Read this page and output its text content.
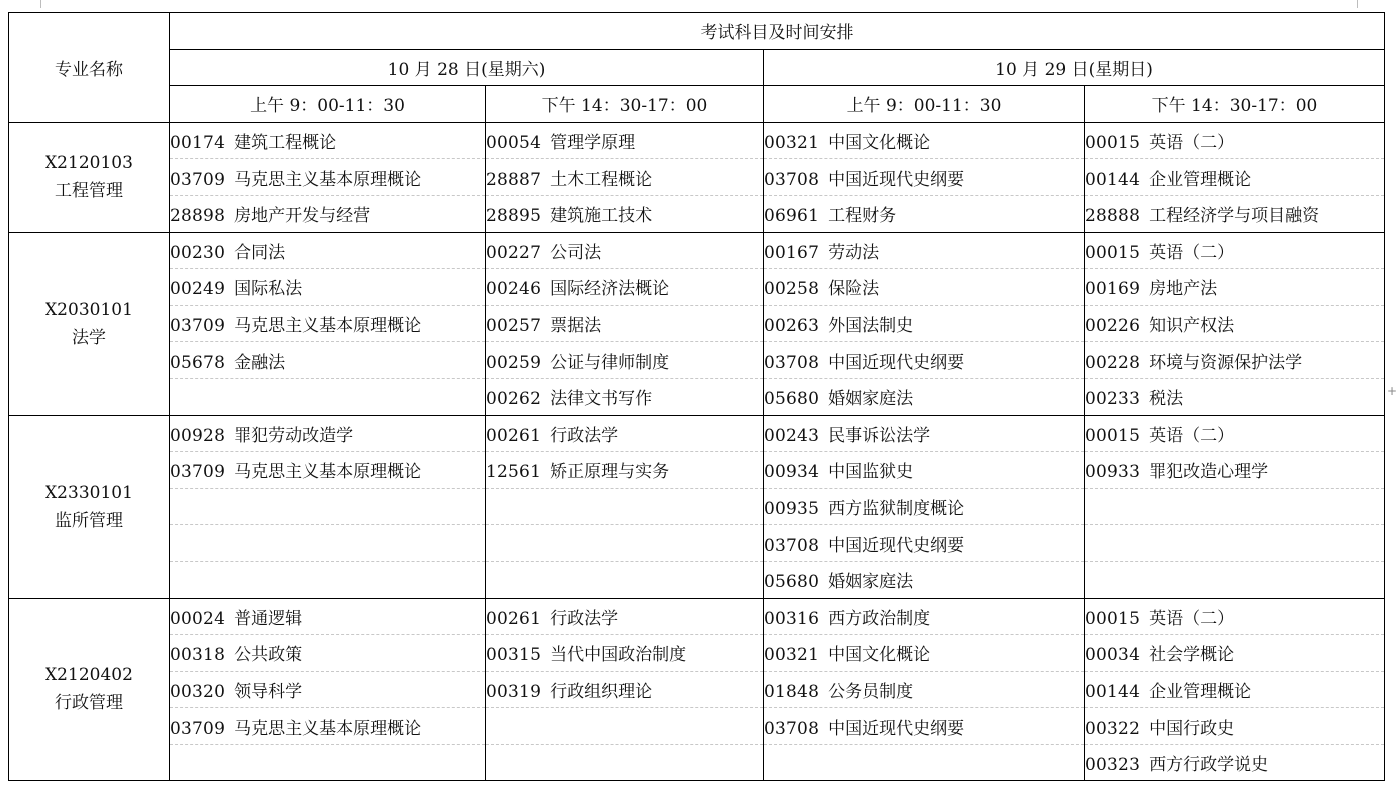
+
专业名称	考试科目及时间安排			
	10 月 28 日(星期六)		10 月 29 日(星期日)	
	上午 9：00-11：30	下午 14：30-17：00	上午 9：00-11：30	下午 14：30-17：00

X2120103
工程管理	00174 建筑工程概论	00054 管理学原理	00321 中国文化概论	00015 英语（二）
	03709 马克思主义基本原理概论	28887 土木工程概论	03708 中国近现代史纲要	00144 企业管理概论
	28898 房地产开发与经营	28895 建筑施工技术	06961 工程财务	28888 工程经济学与项目融资

X2030101
法学	00230 合同法	00227 公司法	00167 劳动法	00015 英语（二）
	00249 国际私法	00246 国际经济法概论	00258 保险法	00169 房地产法
	03709 马克思主义基本原理概论	00257 票据法	00263 外国法制史	00226 知识产权法
	05678 金融法	00259 公证与律师制度	03708 中国近现代史纲要	00228 环境与资源保护法学
		00262 法律文书写作	05680 婚姻家庭法	00233 税法

X2330101
监所管理	00928 罪犯劳动改造学	00261 行政法学	00243 民事诉讼法学	00015 英语（二）
	03709 马克思主义基本原理概论	12561 矫正原理与实务	00934 中国监狱史	00933 罪犯改造心理学
			00935 西方监狱制度概论	
			03708 中国近现代史纲要	
			05680 婚姻家庭法	

X2120402
行政管理	00024 普通逻辑	00261 行政法学	00316 西方政治制度	00015 英语（二）
	00318 公共政策	00315 当代中国政治制度	00321 中国文化概论	00034 社会学概论
	00320 领导科学	00319 行政组织理论	01848 公务员制度	00144 企业管理概论
	03709 马克思主义基本原理概论		03708 中国近现代史纲要	00322 中国行政史
				00323 西方行政学说史
